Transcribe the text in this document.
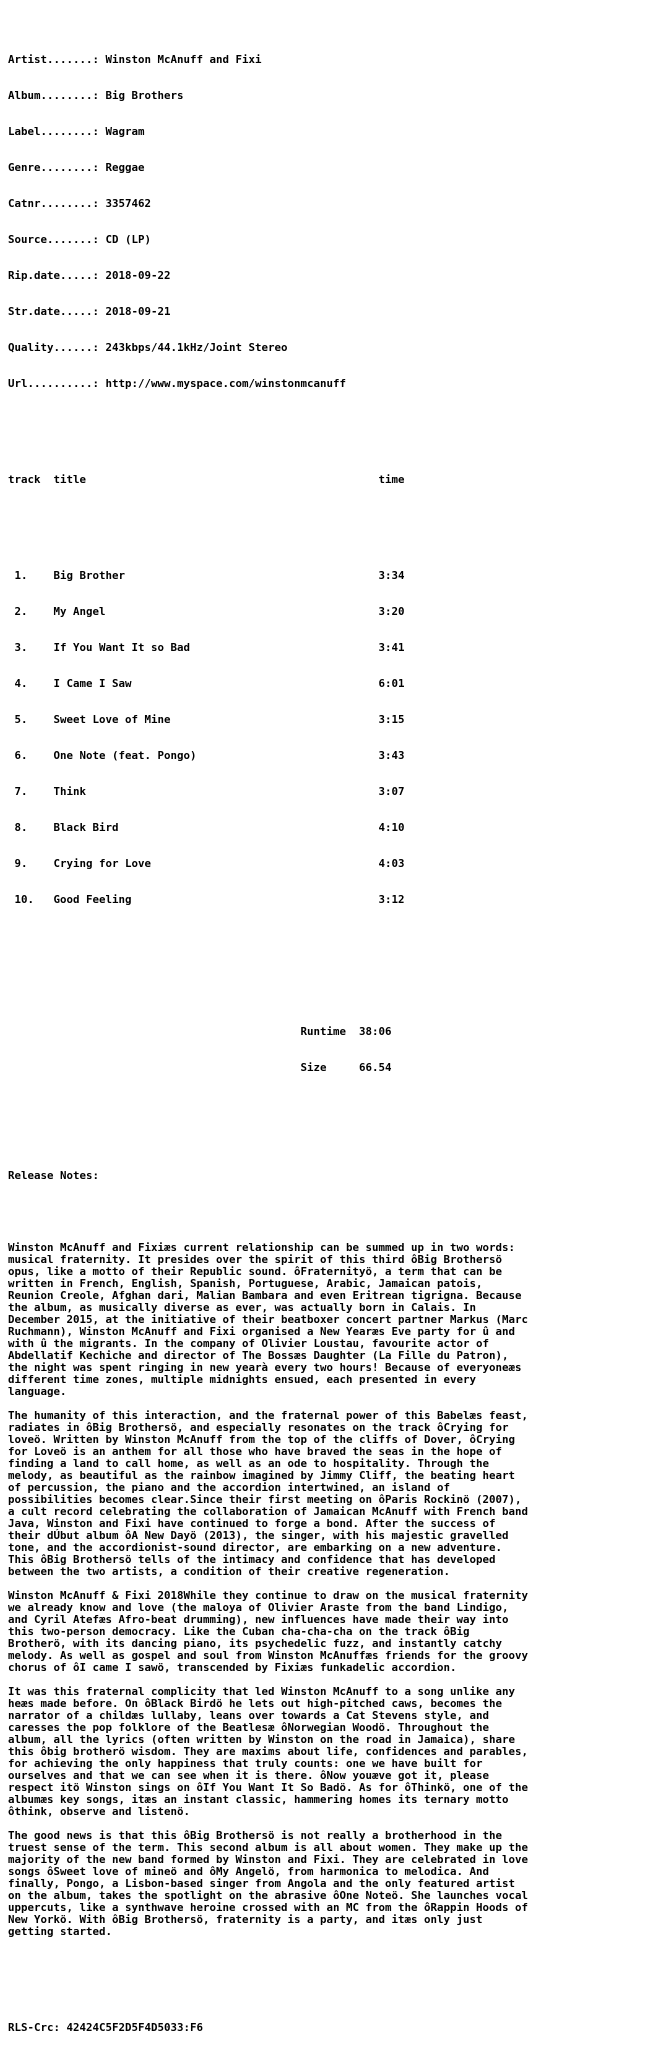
Artist.......: Winston McAnuff and Fixi

Album........: Big Brothers

Label........: Wagram

Genre........: Reggae

Catnr........: 3357462

Source.......: CD (LP)

Rip.date.....: 2018-09-22

Str.date.....: 2018-09-21

Quality......: 243kbps/44.1kHz/Joint Stereo

Url..........: http://www.myspace.com/winstonmcanuff

track  title                                             time

1.    Big Brother                                       3:34

2.    My Angel                                          3:20

3.    If You Want It so Bad                             3:41

4.    I Came I Saw                                      6:01

5.    Sweet Love of Mine                                3:15

6.    One Note (feat. Pongo)                            3:43

7.    Think                                             3:07

8.    Black Bird                                        4:10

9.    Crying for Love                                   4:03

10.   Good Feeling                                      3:12

Runtime  38:06

Size     66.54

Release Notes:

Winston McAnuff and Fixiæs current relationship can be summed up in two words:
musical fraternity. It presides over the spirit of this third ôBig Brothersö
opus, like a motto of their Republic sound. ôFraternityö, a term that can be
written in French, English, Spanish, Portuguese, Arabic, Jamaican patois,
Reunion Creole, Afghan dari, Malian Bambara and even Eritrean tigrigna. Because
the album, as musically diverse as ever, was actually born in Calais. In
December 2015, at the initiative of their beatboxer concert partner Markus (Marc
Ruchmann), Winston McAnuff and Fixi organised a New Yearæs Eve party for û and
with û the migrants. In the company of Olivier Loustau, favourite actor of
Abdellatif Kechiche and director of The Bossæs Daughter (La Fille du Patron),
the night was spent ringing in new yearà every two hours! Because of everyoneæs
different time zones, multiple midnights ensued, each presented in every
language.
The humanity of this interaction, and the fraternal power of this Babelæs feast,
radiates in ôBig Brothersö, and especially resonates on the track ôCrying for
loveö. Written by Winston McAnuff from the top of the cliffs of Dover, ôCrying
for Loveö is an anthem for all those who have braved the seas in the hope of
finding a land to call home, as well as an ode to hospitality. Through the
melody, as beautiful as the rainbow imagined by Jimmy Cliff, the beating heart
of percussion, the piano and the accordion intertwined, an island of
possibilities becomes clear.Since their first meeting on ôParis Rockinö (2007),
a cult record celebrating the collaboration of Jamaican McAnuff with French band
Java, Winston and Fixi have continued to forge a bond. After the success of
their dÚbut album ôA New Dayö (2013), the singer, with his majestic gravelled
tone, and the accordionist-sound director, are embarking on a new adventure.
This ôBig Brothersö tells of the intimacy and confidence that has developed
between the two artists, a condition of their creative regeneration.
Winston McAnuff & Fixi 2018While they continue to draw on the musical fraternity
we already know and love (the maloya of Olivier Araste from the band Lindigo,
and Cyril Atefæs Afro-beat drumming), new influences have made their way into
this two-person democracy. Like the Cuban cha-cha-cha on the track ôBig
Brotherö, with its dancing piano, its psychedelic fuzz, and instantly catchy
melody. As well as gospel and soul from Winston McAnuffæs friends for the groovy
chorus of ôI came I sawö, transcended by Fixiæs funkadelic accordion.
It was this fraternal complicity that led Winston McAnuff to a song unlike any
heæs made before. On ôBlack Birdö he lets out high-pitched caws, becomes the
narrator of a childæs lullaby, leans over towards a Cat Stevens style, and
caresses the pop folklore of the Beatlesæ ôNorwegian Woodö. Throughout the
album, all the lyrics (often written by Winston on the road in Jamaica), share
this ôbig brotherö wisdom. They are maxims about life, confidences and parables,
for achieving the only happiness that truly counts: one we have built for
ourselves and that we can see when it is there. ôNow youæve got it, please
respect itö Winston sings on ôIf You Want It So Badö. As for ôThinkö, one of the
albumæs key songs, itæs an instant classic, hammering homes its ternary motto
ôthink, observe and listenö.
The good news is that this ôBig Brothersö is not really a brotherhood in the
truest sense of the term. This second album is all about women. They make up the
majority of the new band formed by Winston and Fixi. They are celebrated in love
songs ôSweet love of mineö and ôMy Angelö, from harmonica to melodica. And
finally, Pongo, a Lisbon-based singer from Angola and the only featured artist
on the album, takes the spotlight on the abrasive ôOne Noteö. She launches vocal
uppercuts, like a synthwave heroine crossed with an MC from the ôRappin Hoods of
New Yorkö. With ôBig Brothersö, fraternity is a party, and itæs only just
getting started.

RLS-Crc: 42424C5F2D5F4D5033:F6
